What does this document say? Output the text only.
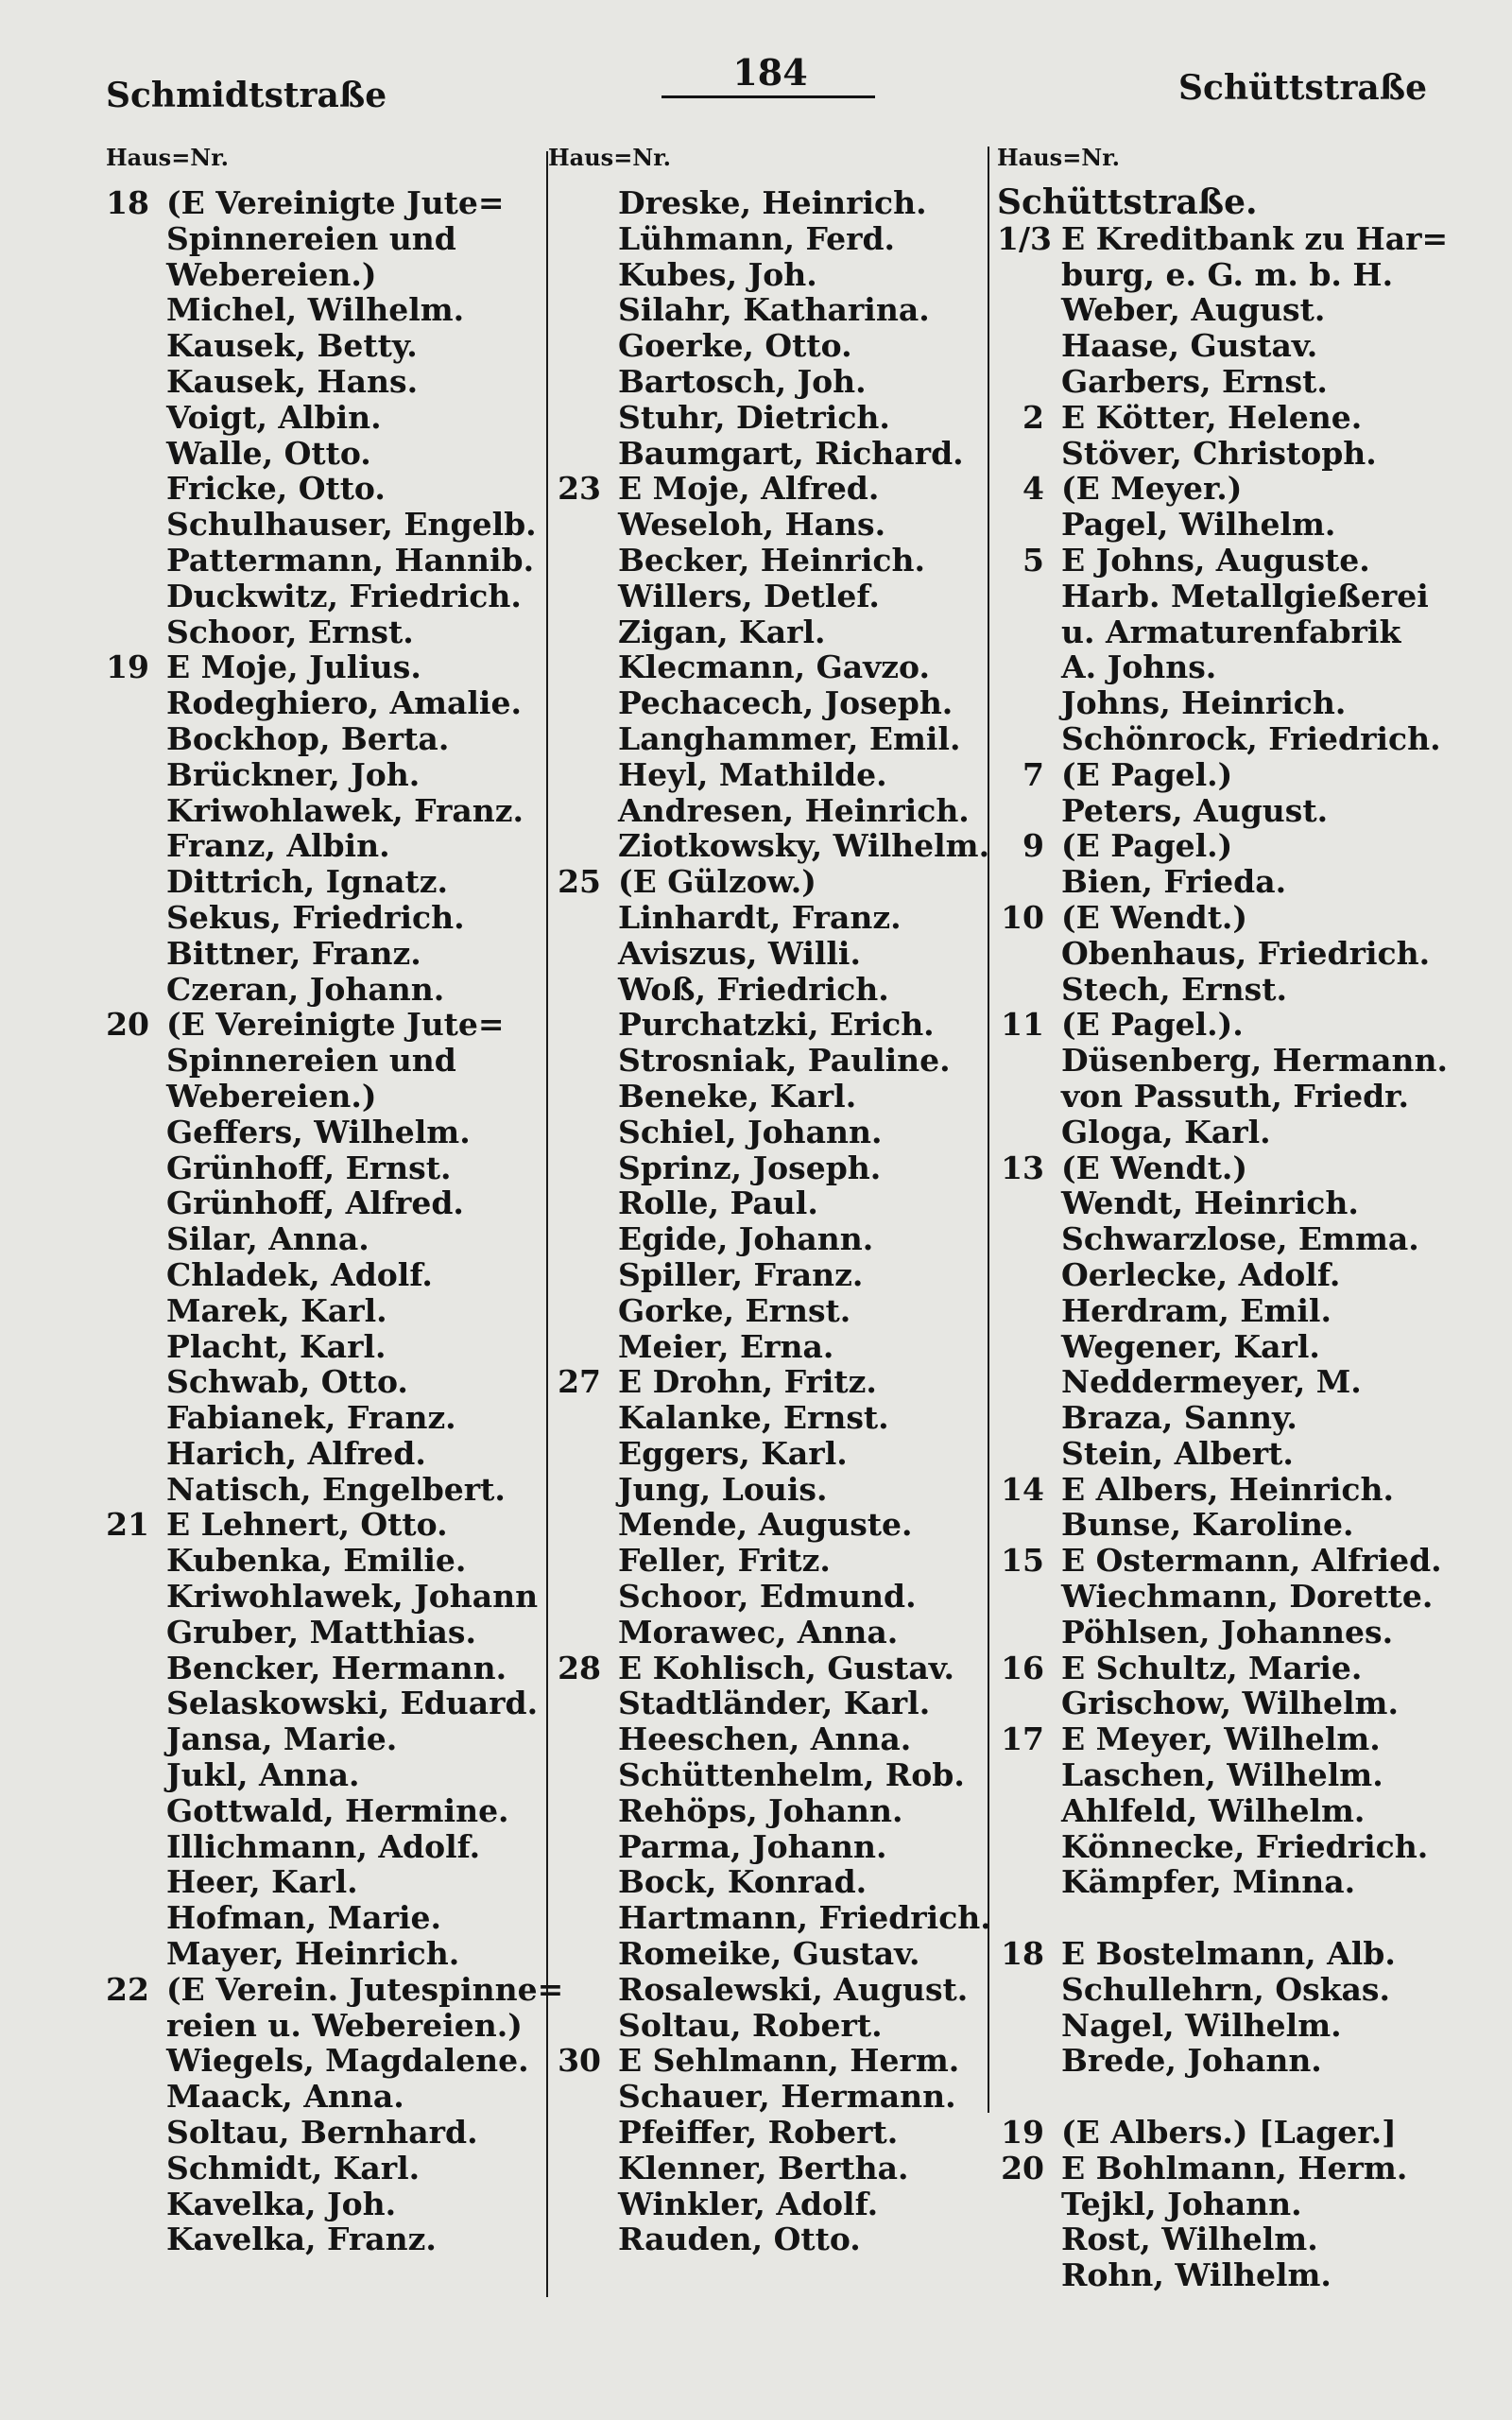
Schmidtstraße
184	Schüttstraße
Haus=Nr.
18 (E Vereinigte Jute=
Spinnereien und
Webereien.)
Michel, Wilhelm.
Kausek, Betty.
Kausek, Hans.
Voigt, Albin.
Walle, Otto.
Fricke, Otto.
Schulhauser, Engelb.
Pattermann, Hannib.
Duckwitz, Friedrich.
Schoor, Ernst.
19 E Moje, Julius.
Rodeghiero, Amalie.
Bockhop, Berta.
Brückner, Joh.
Kriwohlawek, Franz.
Franz, Albin.
Dittrich, Ignatz.
Sekus, Friedrich.
Bittner, Franz.
Czeran, Johann.
20 (E Vereinigte Jute=
Spinnereien und
Webereien.)
Geffers, Wilhelm.
Grünhoff, Ernst.
Grünhoff, Alfred.
Silar, Anna.
Chladek, Adolf.
Marek, Karl.
Placht, Karl.
Schwab, Otto.
Fabianek, Franz.
Harich, Alfred.
Natisch, Engelbert.
21 E Lehnert, Otto.
Kubenka, Emilie.
Kriwohlawek, Johann
Gruber, Matthias.
Bencker, Hermann.
Selaskowski, Eduard.
Jansa, Marie.
Jukl, Anna.
Gottwald, Hermine.
Illichmann, Adolf.
Heer, Karl.
Hofman, Marie.
Mayer, Heinrich.
22 (E Verein. Jutespinne=
reien u. Webereien.)
Wiegels, Magdalene.
Maack, Anna.
Soltau, Bernhard.
Schmidt, Karl.
Kavelka, Joh.
Kavelka, Franz.
Haus=Nr.
Dreske, Heinrich.
Lühmann, Ferd.
Kubes, Joh.
Silahr, Katharina.
Goerke, Otto.
Bartosch, Joh.
Stuhr, Dietrich.
Baumgart, Richard.
23 E Moje, Alfred.
Weseloh, Hans.
Becker, Heinrich.
Willers, Detlef.
Zigan, Karl.
Klecmann, Gavzo.
Pechacech, Joseph.
Langhammer, Emil.
Heyl, Mathilde.
Andresen, Heinrich.
Ziotkowsky, Wilhelm.
25 (E Gülzow.)
Linhardt, Franz.
Aviszus, Willi.
Woß, Friedrich.
Purchatzki, Erich.
Strosniak, Pauline.
Beneke, Karl.
Schiel, Johann.
Sprinz, Joseph.
Rolle, Paul.
Egide, Johann.
Spiller, Franz.
Gorke, Ernst.
Meier, Erna.
27 E Drohn, Fritz.
Kalanke, Ernst.
Eggers, Karl.
Jung, Louis.
Mende, Auguste.
Feller, Fritz.
Schoor, Edmund.
Morawec, Anna.
28 E Kohlisch, Gustav.
Stadtländer, Karl.
Heeschen, Anna.
Schüttenhelm, Rob.
Rehöps, Johann.
Parma, Johann.
Bock, Konrad.
Hartmann, Friedrich.
Romeike, Gustav.
Rosalewski, August.
Soltau, Robert.
30 E Sehlmann, Herm.
Schauer, Hermann.
Pfeiffer, Robert.
Klenner, Bertha.
Winkler, Adolf.
Rauden, Otto.
Haus=Nr.
Schüttstraße.
1/3 E Kreditbank zu Har=
burg, e. G. m. b. H.
Weber, August.
Haase, Gustav.
Garbers, Ernst.
2 E Kötter, Helene.
Stöver, Christoph.
4 (E Meyer.)
Pagel, Wilhelm.
5 E Johns, Auguste.
Harb. Metallgießerei
u. Armaturenfabrik
A. Johns.
Johns, Heinrich.
Schönrock, Friedrich.
7 (E Pagel.)
Peters, August.
9 (E Pagel.)
Bien, Frieda.
10 (E Wendt.)
Obenhaus, Friedrich.
Stech, Ernst.
11 (E Pagel.).
Düsenberg, Hermann.
von Passuth, Friedr.
Gloga, Karl.
13 (E Wendt.)
Wendt, Heinrich.
Schwarzlose, Emma.
Oerlecke, Adolf.
Herdram, Emil.
Wegener, Karl.
Neddermeyer, M.
Braza, Sanny.
Stein, Albert.
14 E Albers, Heinrich.
Bunse, Karoline.
15 E Ostermann, Alfried.
Wiechmann, Dorette.
Pöhlsen, Johannes.
16 E Schultz, Marie.
Grischow, Wilhelm.
17 E Meyer, Wilhelm.
Laschen, Wilhelm.
Ahlfeld, Wilhelm.
Könnecke, Friedrich.
Kämpfer, Minna.
18 E Bostelmann, Alb.
Schullehrn, Oskas.
Nagel, Wilhelm.
Brede, Johann.
19 (E Albers.) [Lager.]
20 E Bohlmann, Herm.
Tejkl, Johann.
Rost, Wilhelm.
Rohn, Wilhelm.
